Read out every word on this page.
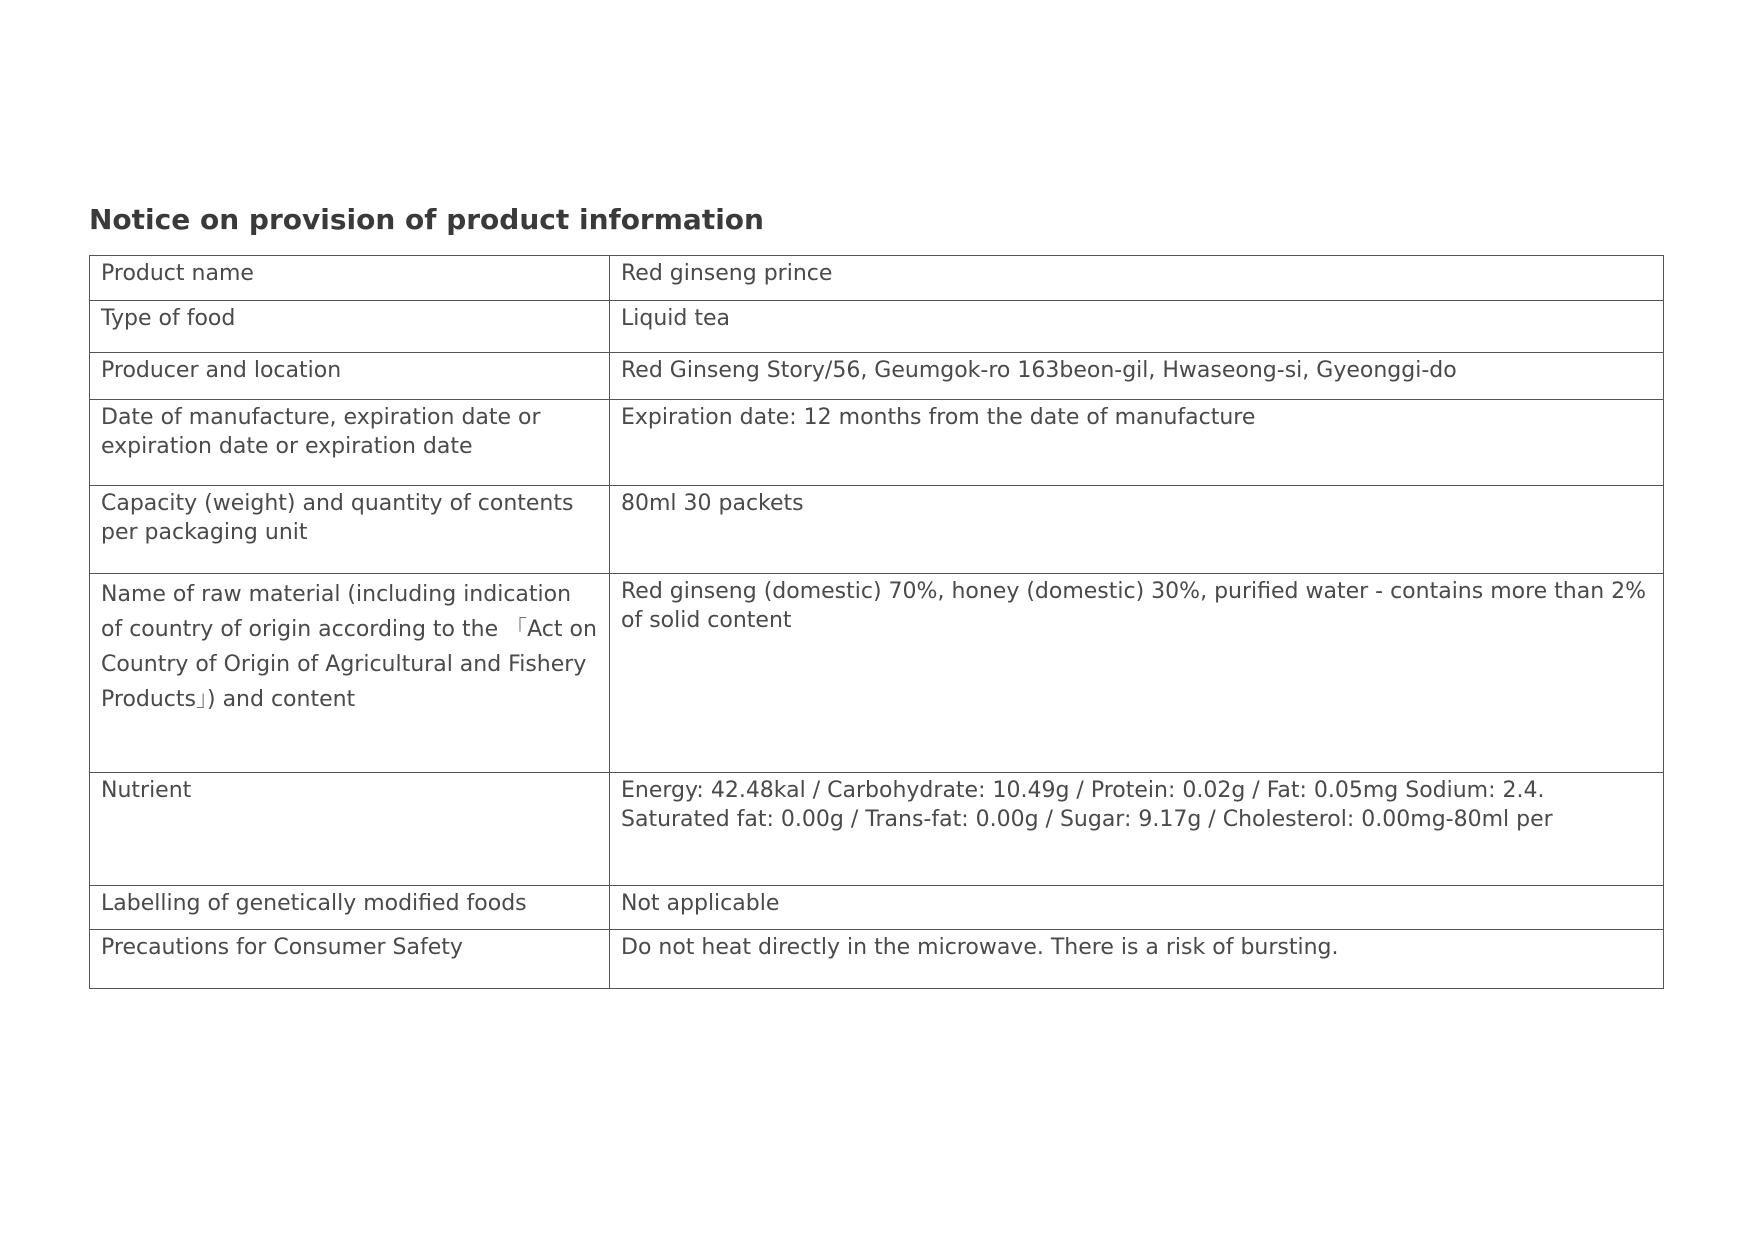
Notice on provision of product information
Product name	Red ginseng prince
Type of food	Liquid tea
Producer and location	Red Ginseng Story/56, Geumgok-ro 163beon-gil, Hwaseong-si, Gyeonggi-do
Date of manufacture, expiration date or expiration date or expiration date	Expiration date: 12 months from the date of manufacture
Capacity (weight) and quantity of contents per packaging unit	80ml 30 packets
Name of raw material (including indication of country of origin according to the 「Act on Country of Origin of Agricultural and Fishery Products」) and content	Red ginseng (domestic) 70%, honey (domestic) 30%, purified water - contains more than 2% of solid content
Nutrient	Energy: 42.48kal / Carbohydrate: 10.49g / Protein: 0.02g / Fat: 0.05mg Sodium: 2.4. Saturated fat: 0.00g / Trans-fat: 0.00g / Sugar: 9.17g / Cholesterol: 0.00mg-80ml per
Labelling of genetically modified foods	Not applicable
Precautions for Consumer Safety	Do not heat directly in the microwave. There is a risk of bursting.
